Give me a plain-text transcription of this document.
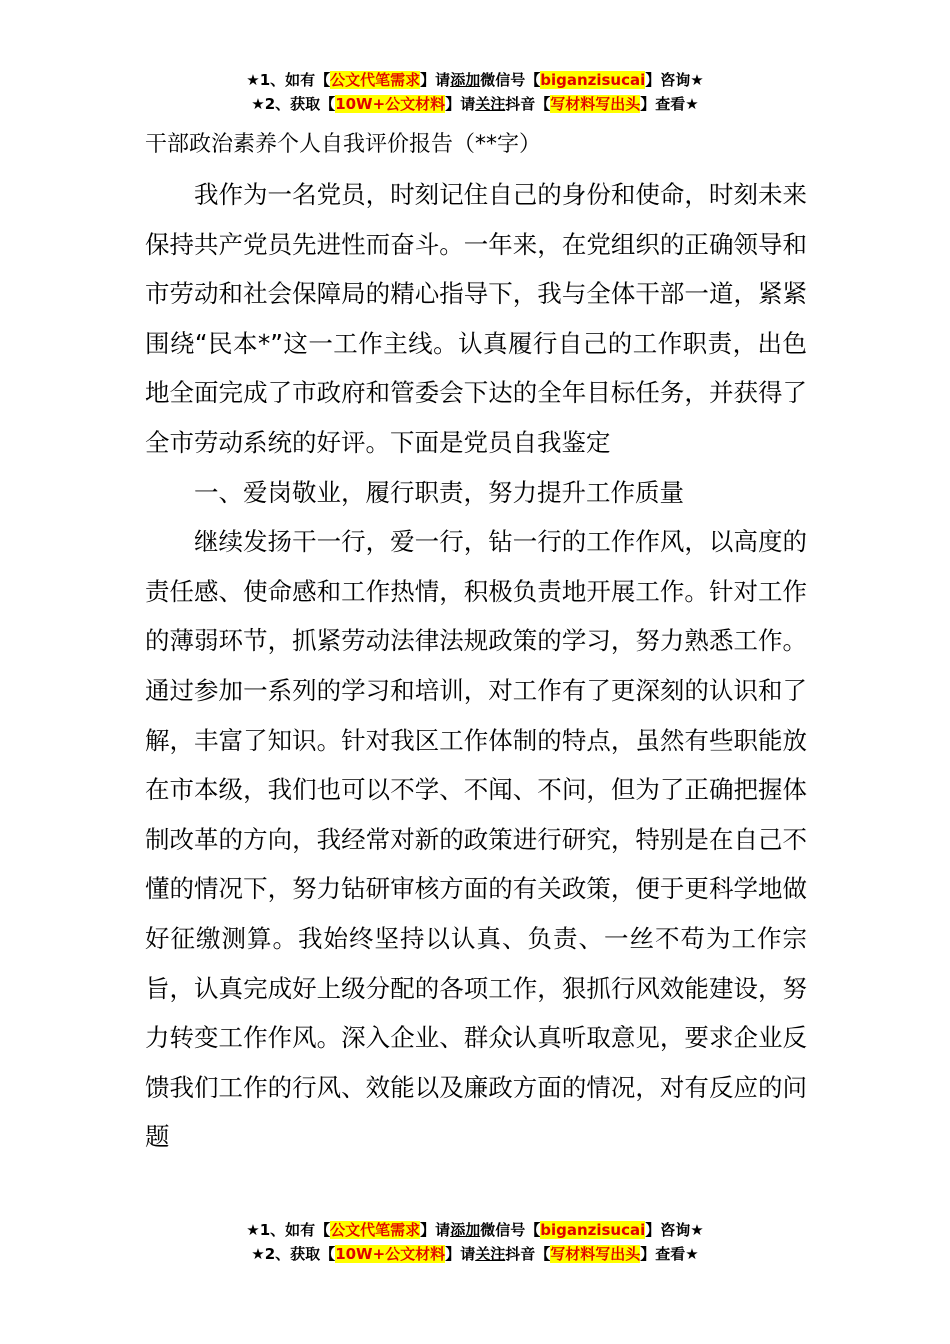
★1、如有【公文代笔需求】请添加微信号【biganzisucai】咨询★
★2、获取【10W+公文材料】请关注抖音【写材料写出头】查看★
干部政治素养个人自我评价报告（**字）

我作为一名党员，时刻记住自己的身份和使命，时刻未来保持共产党员先进性而奋斗。一年来，在党组织的正确领导和市劳动和社会保障局的精心指导下，我与全体干部一道，紧紧围绕“民本*”这一工作主线。认真履行自己的工作职责，出色地全面完成了市政府和管委会下达的全年目标任务，并获得了全市劳动系统的好评。下面是党员自我鉴定

一、爱岗敬业，履行职责，努力提升工作质量

继续发扬干一行，爱一行，钻一行的工作作风，以高度的责任感、使命感和工作热情，积极负责地开展工作。针对工作的薄弱环节，抓紧劳动法律法规政策的学习，努力熟悉工作。通过参加一系列的学习和培训，对工作有了更深刻的认识和了解，丰富了知识。针对我区工作体制的特点，虽然有些职能放在市本级，我们也可以不学、不闻、不问，但为了正确把握体制改革的方向，我经常对新的政策进行研究，特别是在自己不懂的情况下，努力钻研审核方面的有关政策，便于更科学地做好征缴测算。我始终坚持以认真、负责、一丝不苟为工作宗旨，认真完成好上级分配的各项工作，狠抓行风效能建设，努力转变工作作风。深入企业、群众认真听取意见，要求企业反馈我们工作的行风、效能以及廉政方面的情况，对有反应的问题

★1、如有【公文代笔需求】请添加微信号【biganzisucai】咨询★
★2、获取【10W+公文材料】请关注抖音【写材料写出头】查看★
